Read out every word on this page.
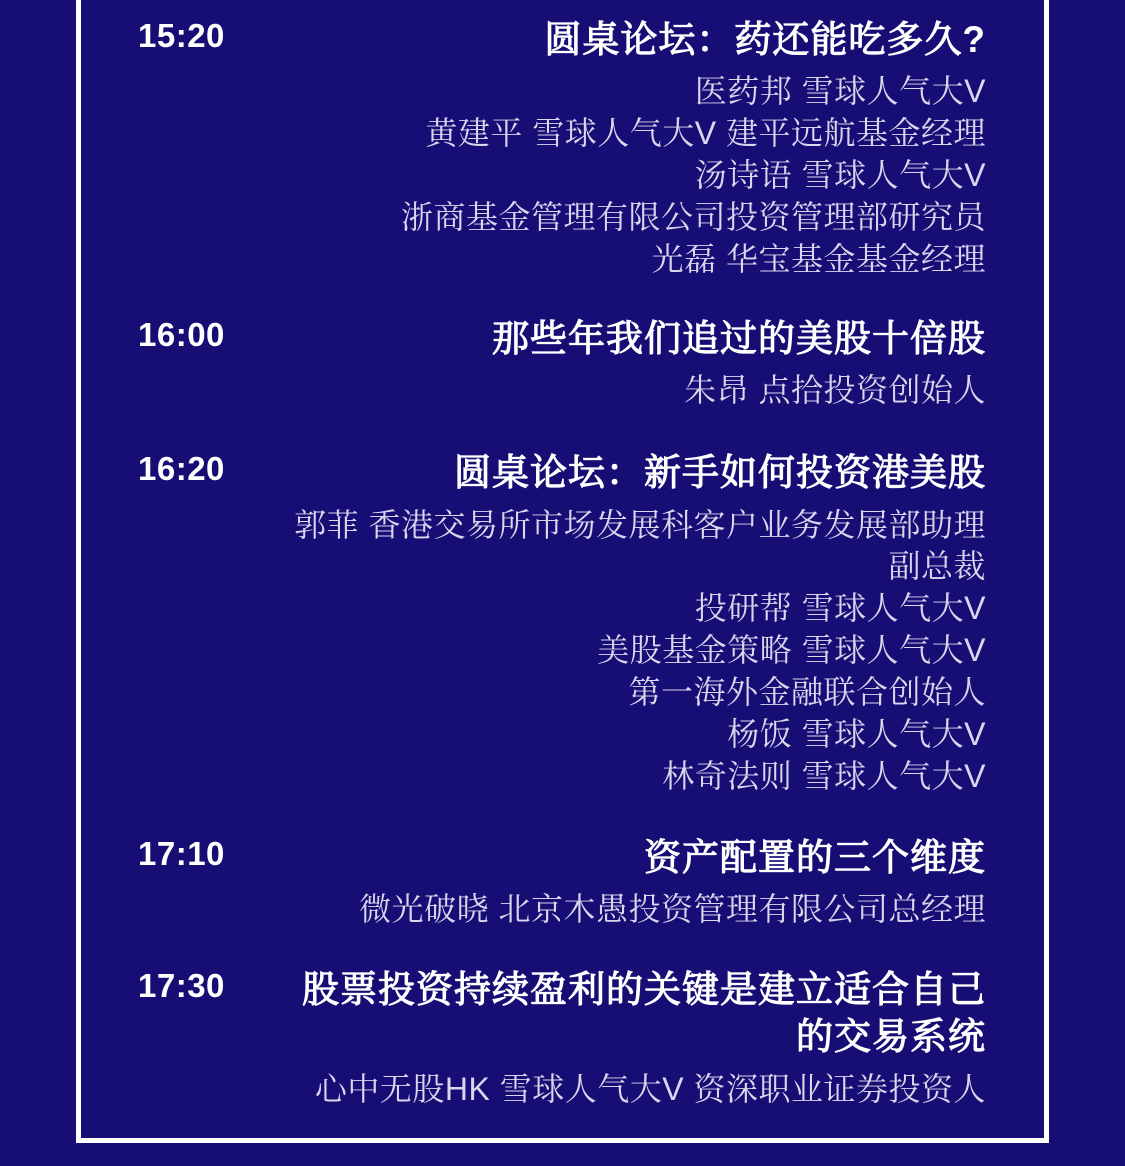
15:20	圆桌论坛：药还能吃多久?
医药邦 雪球人气大V
黄建平 雪球人气大V 建平远航基金经理
汤诗语 雪球人气大V
浙商基金管理有限公司投资管理部研究员
光磊 华宝基金基金经理
16:00	那些年我们追过的美股十倍股
朱昂 点拾投资创始人
16:20	圆桌论坛：新手如何投资港美股
郭菲 香港交易所市场发展科客户业务发展部助理副总裁
投研帮 雪球人气大V
美股基金策略 雪球人气大V
第一海外金融联合创始人
杨饭 雪球人气大V
林奇法则 雪球人气大V
17:10	资产配置的三个维度
微光破晓 北京木愚投资管理有限公司总经理
17:30	股票投资持续盈利的关键是建立适合自己的交易系统
心中无股HK 雪球人气大V 资深职业证券投资人
